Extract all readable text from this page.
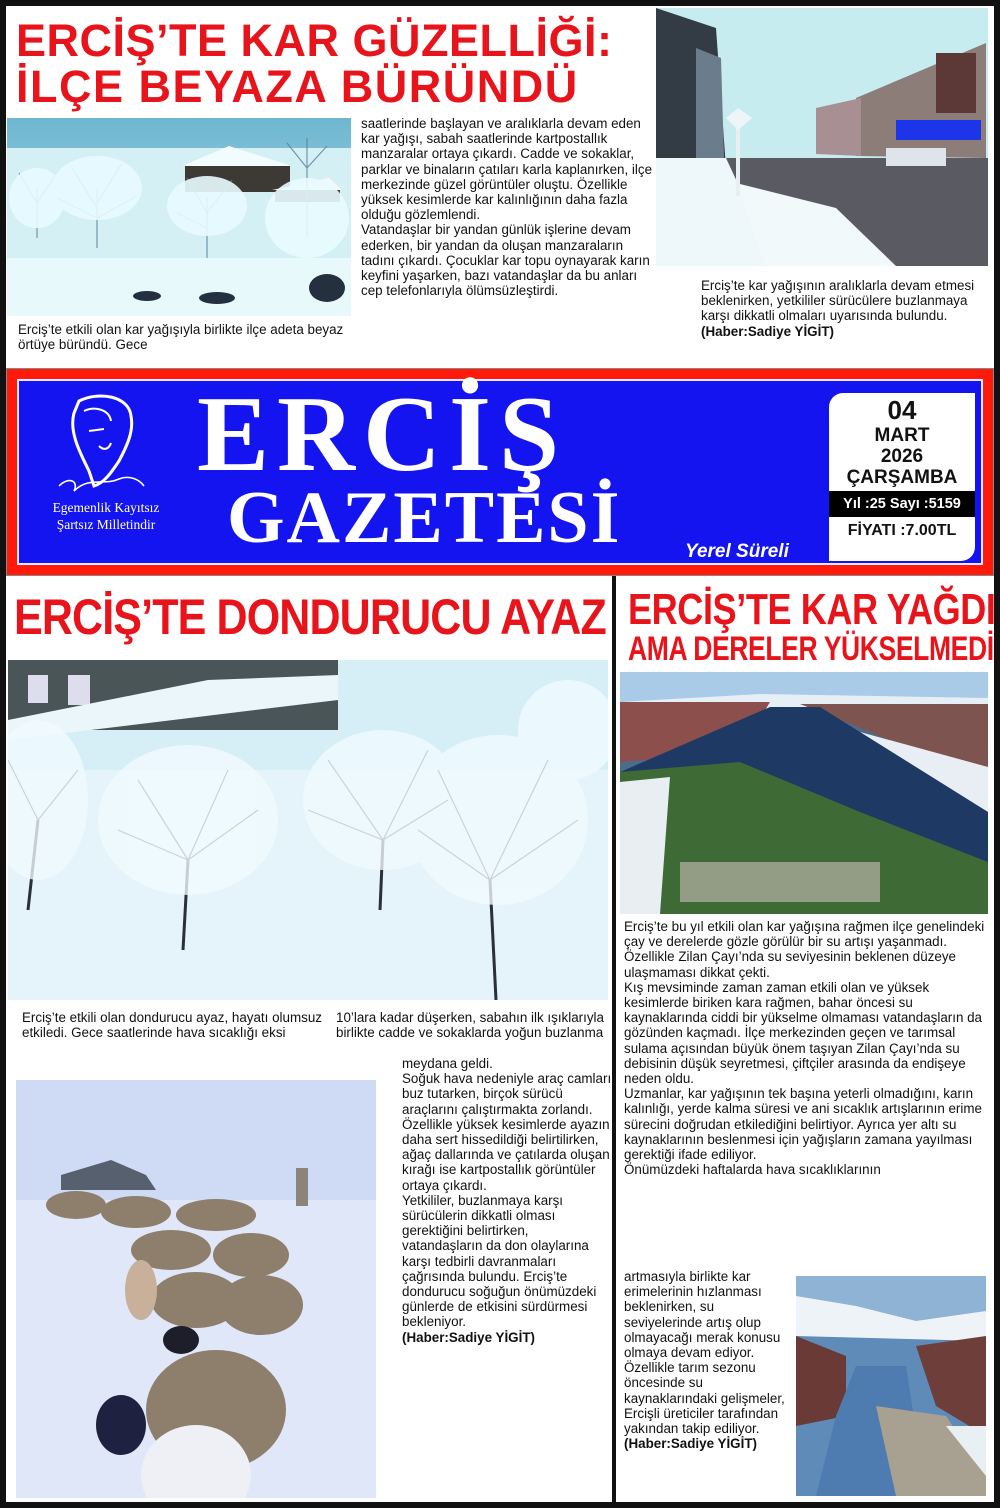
ERCİŞ’TE KAR GÜZELLİĞİ:
İLÇE BEYAZA BÜRÜNDÜ
Erciş’te etkili olan kar yağışıyla birlikte ilçe adeta beyaz örtüye büründü. Gece

saatlerinde başlayan ve aralıklarla devam eden kar yağışı, sabah saatlerinde kartpostallık manzaralar ortaya çıkardı. Cadde ve sokaklar, parklar ve binaların çatıları karla kaplanırken, ilçe merkezinde güzel görüntüler oluştu. Özellikle yüksek kesimlerde kar kalınlığının daha fazla olduğu gözlemlendi.

Vatandaşlar bir yandan günlük işlerine devam ederken, bir yandan da oluşan manzaraların tadını çıkardı. Çocuklar kar topu oynayarak karın keyfini yaşarken, bazı vatandaşlar da bu anları cep telefonlarıyla ölümsüzleştirdi.	Erciş’te kar yağışının aralıklarla devam etmesi beklenirken, yetkililer sürücülere buzlanmaya karşı dikkatli olmaları uyarısında bulundu.

(Haber:Sadiye YİGİT)

Egemenlik Kayıtsız
Şartsız Milletindir
ERCİŞ
GAZETESİ	Yerel Süreli
04
MART
2026
ÇARŞAMBA
Yıl :25 Sayı :5159
FİYATI :7.00TL
ERCİŞ’TE DONDURUCU AYAZ
Erciş’te etkili olan dondurucu ayaz, hayatı olumsuz etkiledi. Gece saatlerinde hava sıcaklığı eksi
10’lara kadar düşerken, sabahın ilk ışıklarıyla birlikte cadde ve sokaklarda yoğun buzlanma

meydana geldi.

Soğuk hava nedeniyle araç camları buz tutarken, birçok sürücü araçlarını çalıştırmakta zorlandı.

Özellikle yüksek kesimlerde ayazın daha sert hissedildiği belirtilirken, ağaç dallarında ve çatılarda oluşan kırağı ise kartpostallık görüntüler ortaya çıkardı.

Yetkililer, buzlanmaya karşı sürücülerin dikkatli olması gerektiğini belirtirken, vatandaşların da don olaylarına karşı tedbirli davranmaları çağrısında bulundu. Erciş’te dondurucu soğuğun önümüzdeki günlerde de etkisini sürdürmesi bekleniyor.

(Haber:Sadiye YİGİT)

ERCİŞ’TE KAR YAĞDI
AMA DERELER YÜKSELMEDİ

Erciş’te bu yıl etkili olan kar yağışına rağmen ilçe genelindeki çay ve derelerde gözle görülür bir su artışı yaşanmadı. Özellikle Zilan Çayı’nda su seviyesinin beklenen düzeye ulaşmaması dikkat çekti.

Kış mevsiminde zaman zaman etkili olan ve yüksek kesimlerde biriken kara rağmen, bahar öncesi su kaynaklarında ciddi bir yükselme olmaması vatandaşların da gözünden kaçmadı. İlçe merkezinden geçen ve tarımsal sulama açısından büyük önem taşıyan Zilan Çayı’nda su debisinin düşük seyretmesi, çiftçiler arasında da endişeye neden oldu.

Uzmanlar, kar yağışının tek başına yeterli olmadığını, karın kalınlığı, yerde kalma süresi ve ani sıcaklık artışlarının erime sürecini doğrudan etkilediğini belirtiyor. Ayrıca yer altı su kaynaklarının beslenmesi için yağışların zamana yayılması gerektiği ifade ediliyor.

Önümüzdeki haftalarda hava sıcaklıklarının

artmasıyla birlikte kar erimelerinin hızlanması beklenirken, su seviyelerinde artış olup olmayacağı merak konusu olmaya devam ediyor. Özellikle tarım sezonu öncesinde su kaynaklarındaki gelişmeler, Ercişli üreticiler tarafından yakından takip ediliyor.

(Haber:Sadiye YİGİT)
